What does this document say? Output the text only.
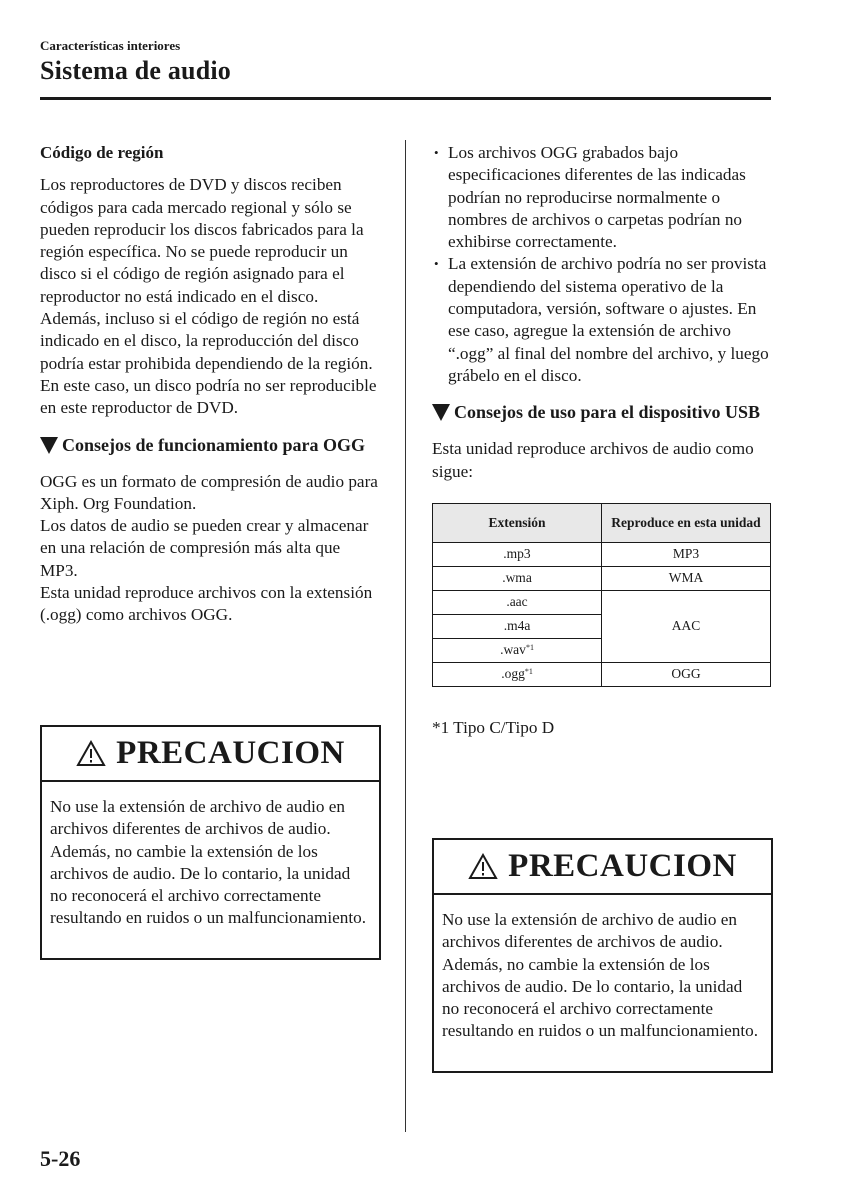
Características interiores
Sistema de audio

Código de región

Los reproductores de DVD y discos reciben códigos para cada mercado regional y sólo se pueden reproducir los discos fabricados para la región específica. No se puede reproducir un disco si el código de región asignado para el reproductor no está indicado en el disco. Además, incluso si el código de región no está indicado en el disco, la reproducción del disco podría estar prohibida dependiendo de la región. En este caso, un disco podría no ser reproducible en este reproductor de DVD.

Consejos de funcionamiento para OGG

OGG es un formato de compresión de audio para Xiph. Org Foundation.

Los datos de audio se pueden crear y almacenar en una relación de compresión más alta que MP3.

Esta unidad reproduce archivos con la extensión (.ogg) como archivos OGG.

PRECAUCION
No use la extensión de archivo de audio en archivos diferentes de archivos de audio. Además, no cambie la extensión de los archivos de audio. De lo contario, la unidad no reconocerá el archivo correctamente resultando en ruidos o un malfuncionamiento.
• Los archivos OGG grabados bajo especificaciones diferentes de las indicadas podrían no reproducirse normalmente o nombres de archivos o carpetas podrían no exhibirse correctamente.
• La extensión de archivo podría no ser provista dependiendo del sistema operativo de la computadora, versión, software o ajustes. En ese caso, agregue la extensión de archivo “.ogg” al final del nombre del archivo, y luego grábelo en el disco.
Consejos de uso para el dispositivo USB

Esta unidad reproduce archivos de audio como sigue:

Extensión	Reproduce en esta unidad
.mp3	MP3
.wma	WMA
.aac	AAC
.m4a	
.wav$^{*1}$
.ogg$^{*1}$	OGG

*1 Tipo C/Tipo D

PRECAUCION
No use la extensión de archivo de audio en archivos diferentes de archivos de audio. Además, no cambie la extensión de los archivos de audio. De lo contario, la unidad no reconocerá el archivo correctamente resultando en ruidos o un malfuncionamiento.
5-26
